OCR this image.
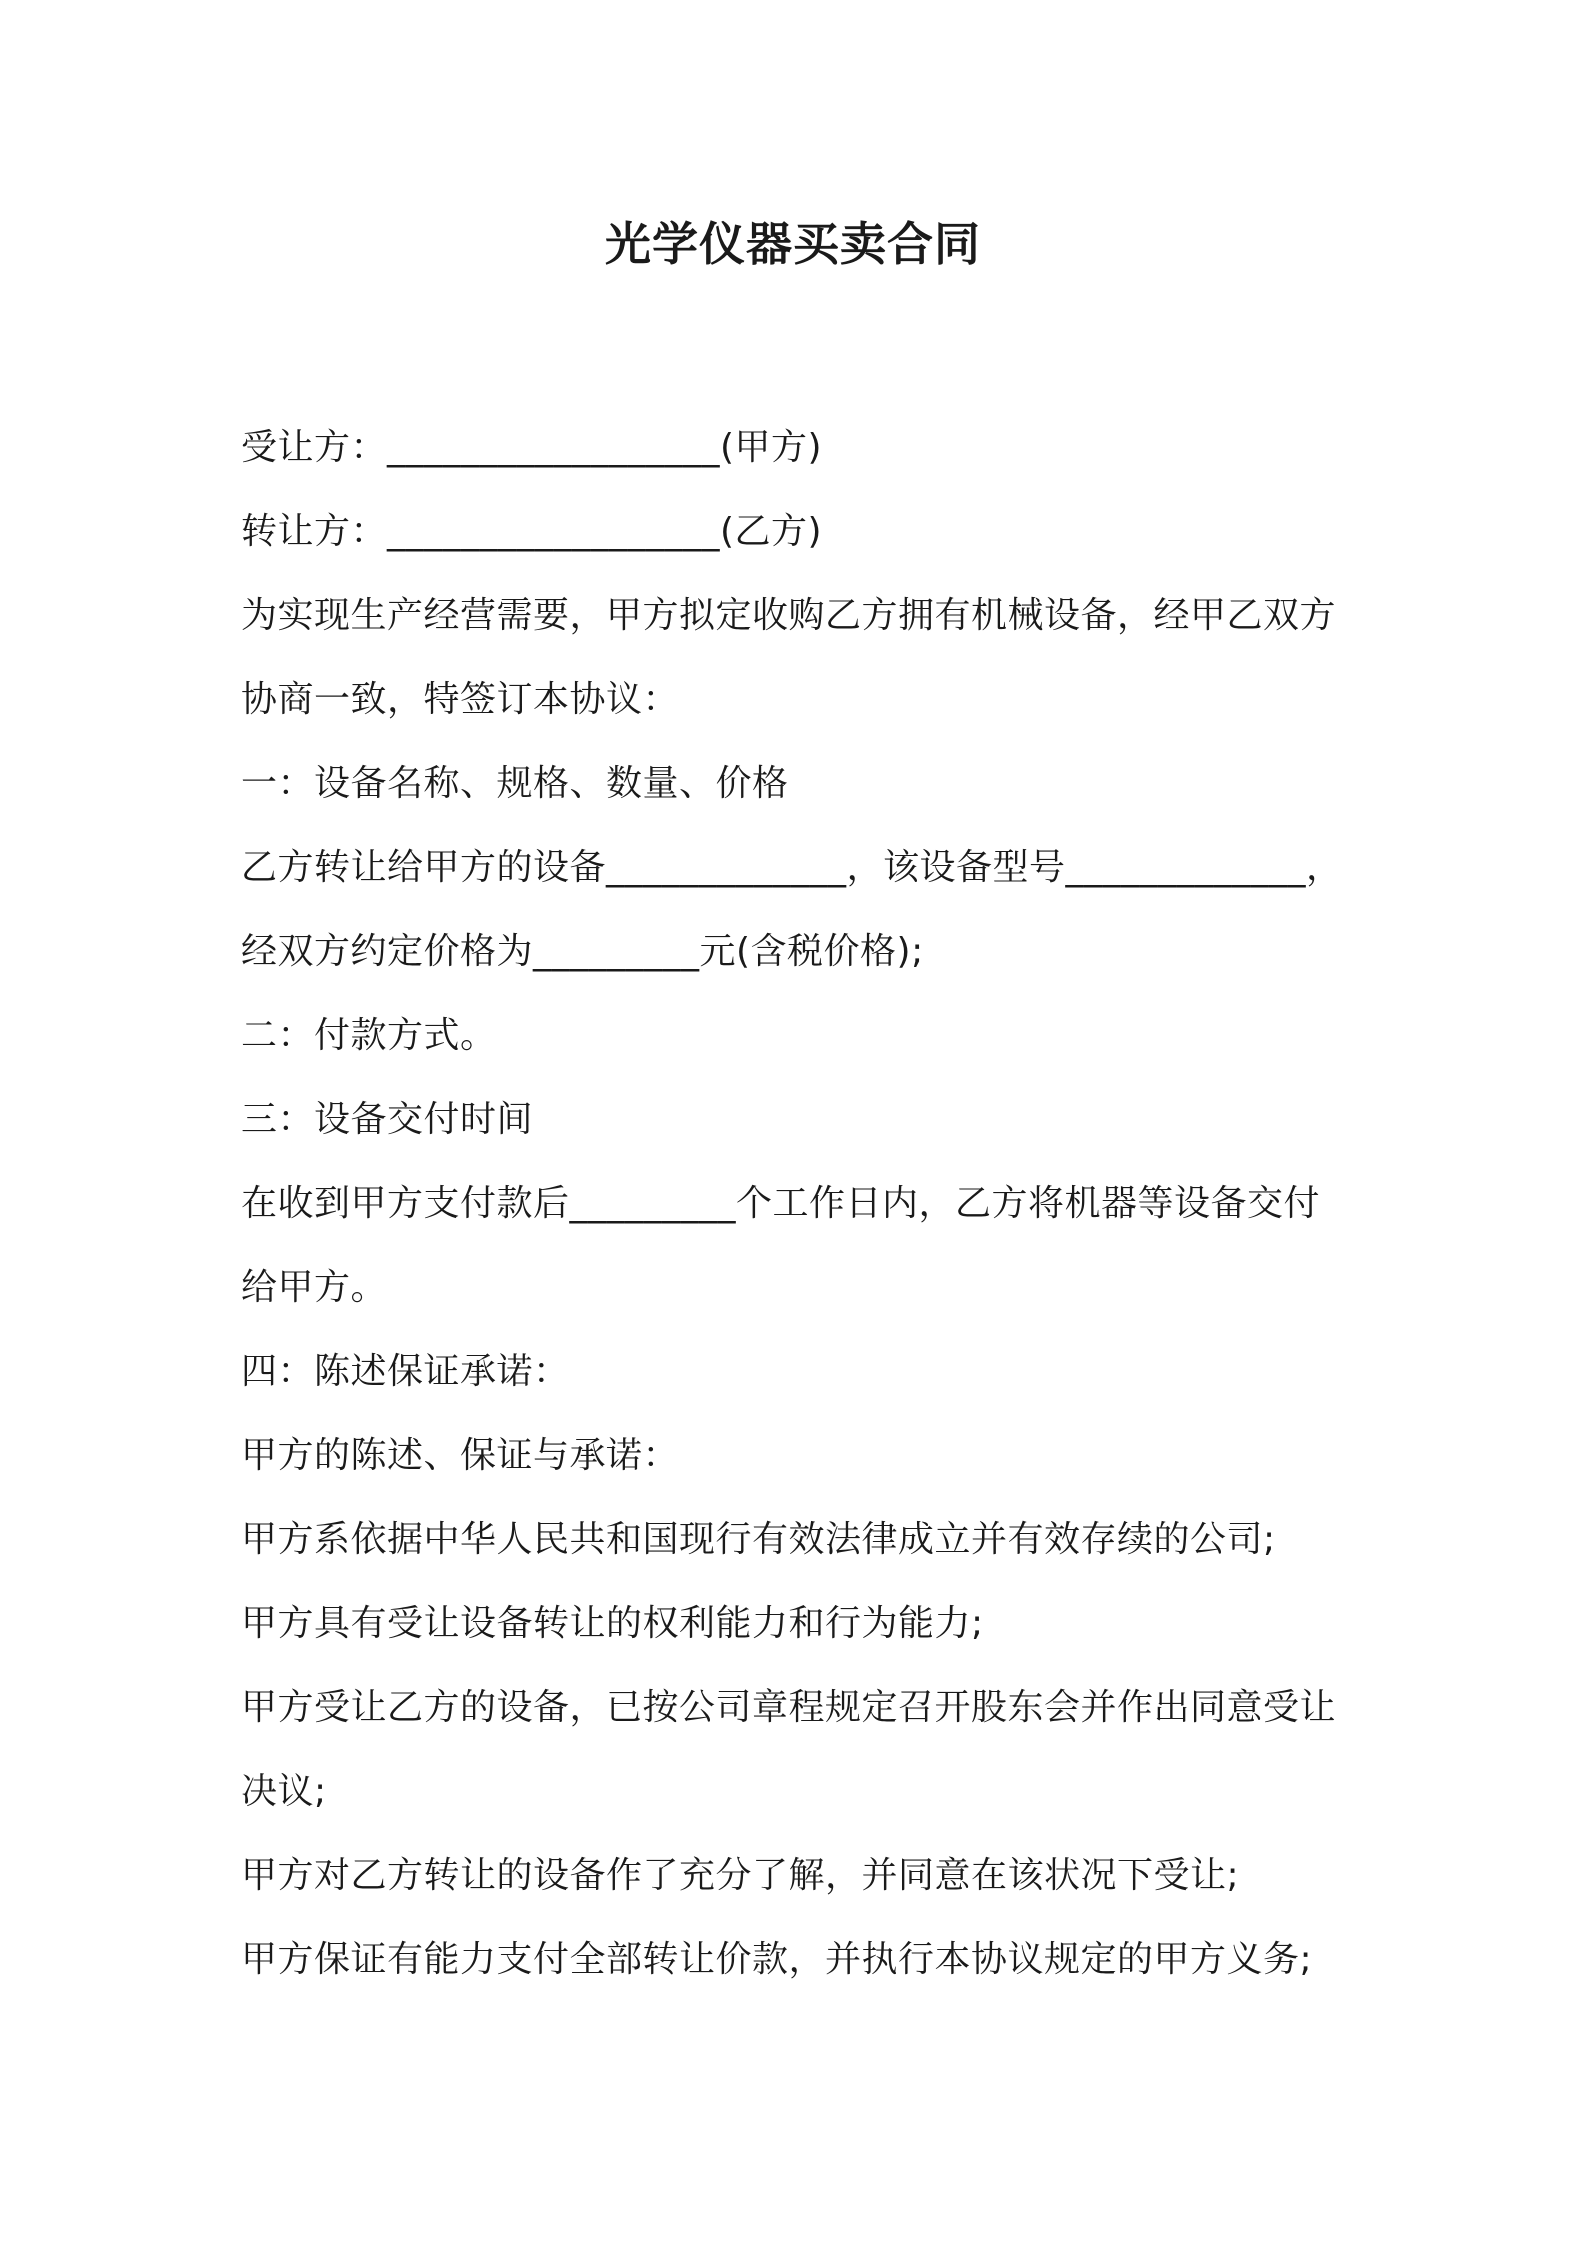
光学仪器买卖合同
受让方：__________________(甲方)
转让方：__________________(乙方)
为实现生产经营需要，甲方拟定收购乙方拥有机械设备，经甲乙双方
协商一致，特签订本协议：
一：设备名称、规格、数量、价格
乙方转让给甲方的设备_____________，该设备型号_____________，
经双方约定价格为_________元(含税价格);
二：付款方式。
三：设备交付时间
在收到甲方支付款后_________个工作日内，乙方将机器等设备交付
给甲方。
四：陈述保证承诺：
甲方的陈述、保证与承诺：
甲方系依据中华人民共和国现行有效法律成立并有效存续的公司;
甲方具有受让设备转让的权利能力和行为能力;
甲方受让乙方的设备，已按公司章程规定召开股东会并作出同意受让
决议;
甲方对乙方转让的设备作了充分了解，并同意在该状况下受让;
甲方保证有能力支付全部转让价款，并执行本协议规定的甲方义务;
